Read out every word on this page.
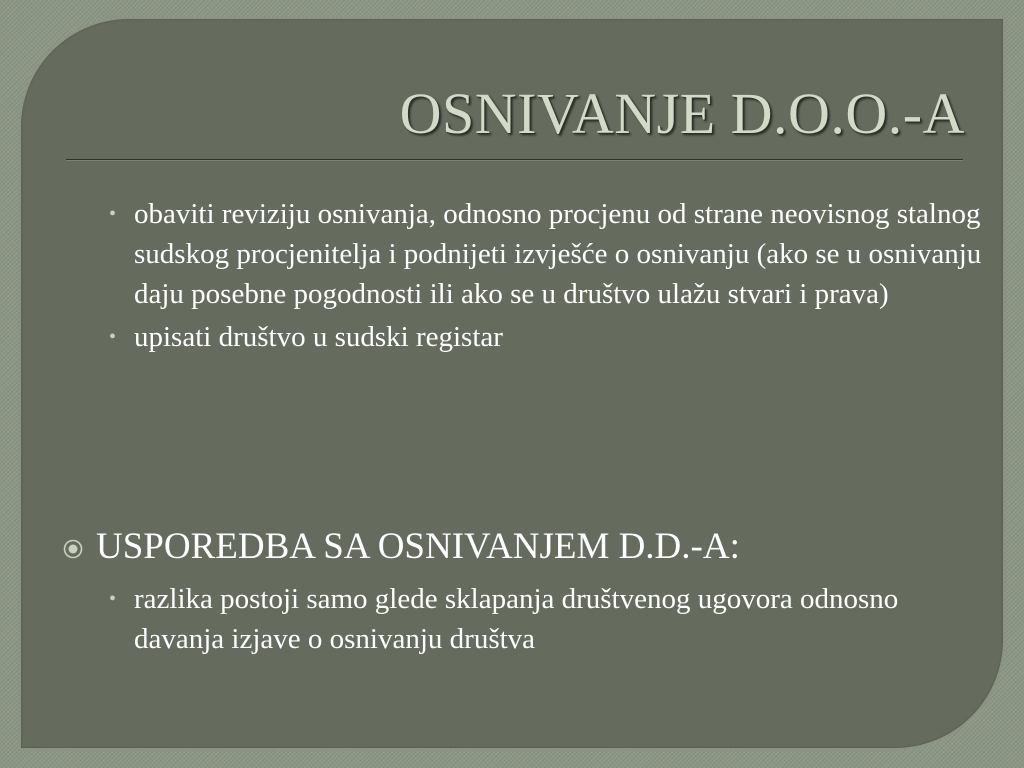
OSNIVANJE D.O.O.-A
• obaviti reviziju osnivanja, odnosno procjenu od strane neovisnog stalnog sudskog procjenitelja i podnijeti izvješće o osnivanju (ako se u osnivanju daju posebne pogodnosti ili ako se u društvo ulažu stvari i prava)
• upisati društvo u sudski registar
USPOREDBA SA OSNIVANJEM D.D.-A:
• razlika postoji samo glede sklapanja društvenog ugovora odnosno davanja izjave o osnivanju društva
